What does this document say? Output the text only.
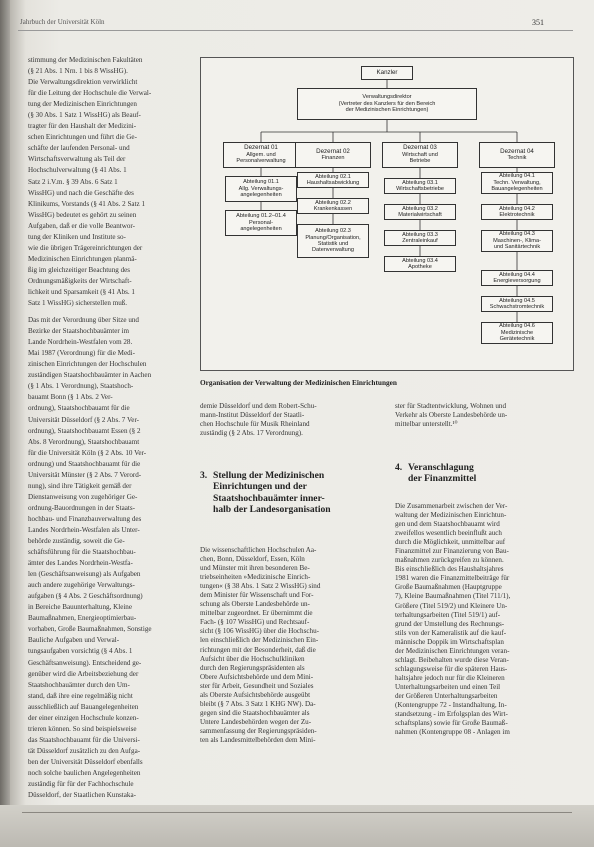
Jahrbuch der Universität Köln	351

stimmung der Medizinischen Fakultäten

(§ 21 Abs. 1 Nrn. 1 bis 8 WissHG).

Die Verwaltungsdirektion verwirklicht

für die Leitung der Hochschule die Verwal-

tung der Medizinischen Einrichtungen

(§ 30 Abs. 1 Satz 1 WissHG) als Beauf-

tragter für den Haushalt der Medizini-

schen Einrichtungen und führt die Ge-

schäfte der laufenden Personal- und

Wirtschaftsverwaltung als Teil der

Hochschulverwaltung (§ 41 Abs. 1

Satz 2 i.V.m. § 39 Abs. 6 Satz 1

WissHG) und nach die Geschäfte des

Klinikums, Vorstands (§ 41 Abs. 2 Satz 1

WissHG) bedeutet es gehört zu seinen

Aufgaben, daß er die volle Beantwor-

tung der Kliniken und Institute so-

wie die übrigen Trägereinrichtungen der

Medizinischen Einrichtungen planmä-

ßig im gleichzeitiger Beachtung des

Ordnungsmäßigkeits der Wirtschaft-

lichkeit und Sparsamkeit (§ 41 Abs. 1

Satz 1 WissHG) sicherstellen muß.

Das mit der Verordnung über Sitze und

Bezirke der Staatshochbauämter im

Lande Nordrhein-Westfalen vom 28.

Mai 1987 (Verordnung) für die Medi-

zinischen Einrichtungen der Hochschulen

zuständigen Staatshochbauämter in Aachen

(§ 1 Abs. 1 Verordnung), Staatshoch-

bauamt Bonn (§ 1 Abs. 2 Ver-

ordnung), Staatshochbauamt für die

Universität Düsseldorf (§ 2 Abs. 7 Ver-

ordnung), Staatshochbauamt Essen (§ 2

Abs. 8 Verordnung), Staatshochbauamt

für die Universität Köln (§ 2 Abs. 10 Ver-

ordnung) und Staatshochbauamt für die

Universität Münster (§ 2 Abs. 7 Verord-

nung), sind ihre Tätigkeit gemäß der

Dienstanweisung von zugehöriger Ge-

ordnung-Bauordnungen in der Staats-

hochbau- und Finanzbauverwaltung des

Landes Nordrhein-Westfalen als Unter-

behörde zuständig, soweit die Ge-

schäftsführung für die Staatshochbau-

ämter des Landes Nordrhein-Westfa-

len (Geschäftsanweisung) als Aufgaben

auch andere zugehörige Verwaltungs-

aufgaben (§ 4 Abs. 2 Geschäftsordnung)

in Bereiche Bauunterhaltung, Kleine

Baumaßnahmen, Energieoptimierbau-

vorhaben, Große Baumaßnahmen, Sonstige

Bauliche Aufgaben und Verwal-

tungsaufgaben vorsichtig (§ 4 Abs. 1

Geschäftsanweisung). Entscheidend ge-

genüber wird die Arbeitsbeziehung der

Staatshochbauämter durch den Um-

stand, daß ihre eine regelmäßig nicht

ausschließlich auf Bauangelegenheiten

der einer einzigen Hochschule konzen-

trieren können. So sind beispielsweise

das Staatshochbauamt für die Universi-

tät Düsseldorf zusätzlich zu den Aufga-

ben der Universität Düsseldorf ebenfalls

noch solche baulichen Angelegenheiten

zuständig für für der Fachhochschule

Düsseldorf, der Staatlichen Kunstaka-

Kanzler
Verwaltungsdirektor
(Vertreter des Kanzlers für den Bereich
der Medizinischen Einrichtungen)
Dezernat 01
Allgem. und
Personalverwaltung
Abteilung 01.1
Allg. Verwaltungs-
angelegenheiten
Abteilung 01.2–01.4
Personal-
angelegenheiten
Dezernat 02
Finanzen
Abteilung 02.1
Haushaltsabwicklung
Abteilung 02.2
Krankenkassen
Abteilung 02.3
Planung/Organisation,
Statistik und Datenverwaltung
Dezernat 03
Wirtschaft und
Betriebe
Abteilung 03.1
Wirtschaftsbetriebe
Abteilung 03.2
Materialwirtschaft
Abteilung 03.3
Zentraleinkauf
Abteilung 03.4
Apotheke
Dezernat 04
Technik
Abteilung 04.1
Techn. Verwaltung,
Bauangelegenheiten
Abteilung 04.2
Elektrotechnik
Abteilung 04.3
Maschinen-, Klima-
und Sanitärtechnik
Abteilung 04.4
Energieversorgung
Abteilung 04.5
Schwachstromtechnik
Abteilung 04.6
Medizinische
Gerätetechnik
Organisation der Verwaltung der Medizinischen Einrichtungen

demie Düsseldorf und dem Robert-Schu-

mann-Institut Düsseldorf der Staatli-

chen Hochschule für Musik Rheinland

zuständig (§ 2 Abs. 17 Verordnung).

ster für Stadtentwicklung, Wohnen und

Verkehr als Oberste Landesbehörde un-

mittelbar unterstellt.¹⁰

3. Stellung der Medizinischen
Einrichtungen und der
Staatshochbauämter inner-
halb der Landesorganisation

Die wissenschaftlichen Hochschulen Aa-

chen, Bonn, Düsseldorf, Essen, Köln

und Münster mit ihren besonderen Be-

triebseinheiten »Medizinische Einrich-

tungen« (§ 38 Abs. 1 Satz 2 WissHG) sind

dem Minister für Wissenschaft und For-

schung als Oberste Landesbehörde un-

mittelbar zugeordnet. Er übernimmt die

Fach- (§ 107 WissHG) und Rechtsauf-

sicht (§ 106 WissHG) über die Hochschu-

len einschließlich der Medizinischen Ein-

richtungen mit der Besonderheit, daß die

Aufsicht über die Hochschulkliniken

durch den Regierungspräsidenten als

Obere Aufsichtsbehörde und dem Mini-

ster für Arbeit, Gesundheit und Soziales

als Oberste Aufsichtsbehörde ausgeübt

bleibt (§ 7 Abs. 3 Satz 1 KHG NW). Da-

gegen sind die Staatshochbauämter als

Untere Landesbehörden wegen der Zu-

sammenfassung der Regierungspräsiden-

ten als Landesmittelbehörden dem Mini-

4. Veranschlagung
der Finanzmittel

Die Zusammenarbeit zwischen der Ver-

waltung der Medizinischen Einrichtun-

gen und dem Staatshochbauamt wird

zweifellos wesentlich beeinflußt auch

durch die Möglichkeit, unmittelbar auf

Finanzmittel zur Finanzierung von Bau-

maßnahmen zurückgreifen zu können.

Bis einschließlich des Haushaltsjahres

1981 waren die Finanzmittelbeiträge für

Große Baumaßnahmen (Hauptgruppe

7), Kleine Baumaßnahmen (Titel 711/1),

Größere (Titel 519/2) und Kleinere Un-

terhaltungsarbeiten (Titel 519/1) auf-

grund der Umstellung des Rechnungs-

stils von der Kameralistik auf die kauf-

männische Doppik im Wirtschaftsplan

der Medizinischen Einrichtungen veran-

schlagt. Beibehalten wurde diese Veran-

schlagungsweise für die späteren Haus-

haltsjahre jedoch nur für die Kleineren

Unterhaltungsarbeiten und einen Teil

der Größeren Unterhaltungsarbeiten

(Kontengruppe 72 - Instandhaltung, In-

standsetzung - im Erfolgsplan des Wirt-

schaftsplans) sowie für Große Baumaß-

nahmen (Kontengruppe 08 - Anlagen im
